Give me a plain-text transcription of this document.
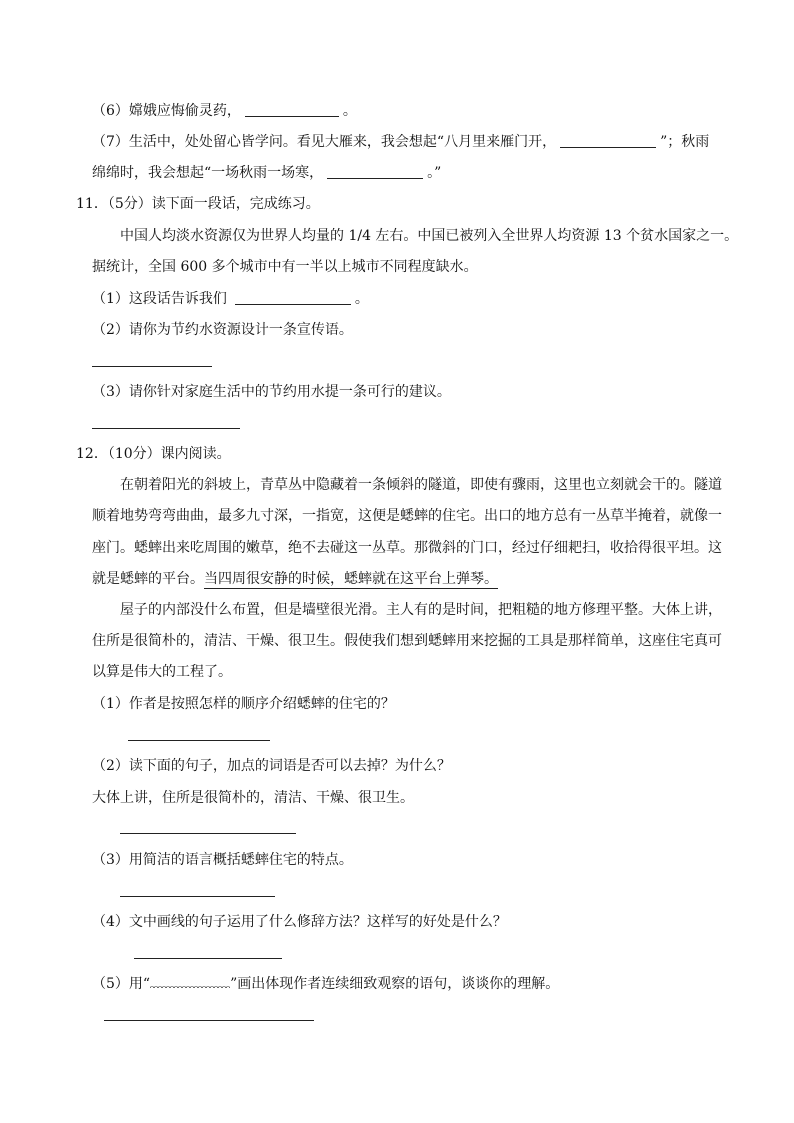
（6）嫦娥应悔偷灵药，	。
（7）生活中，处处留心皆学问。看见大雁来，我会想起“八月里来雁门开，	”；秋雨
绵绵时，我会想起“一场秋雨一场寒，	。”
11．（5分）读下面一段话，完成练习。
中国人均淡水资源仅为世界人均量的 1/4 左右。中国已被列入全世界人均资源 13 个贫水国家之一。
据统计，全国 600 多个城市中有一半以上城市不同程度缺水。
（1）这段话告诉我们	。
（2）请你为节约水资源设计一条宣传语。
（3）请你针对家庭生活中的节约用水提一条可行的建议。
12．（10分）课内阅读。
在朝着阳光的斜坡上，青草丛中隐藏着一条倾斜的隧道，即使有骤雨，这里也立刻就会干的。隧道
顺着地势弯弯曲曲，最多九寸深，一指宽，这便是蟋蟀的住宅。出口的地方总有一丛草半掩着，就像一
座门。蟋蟀出来吃周围的嫩草，绝不去碰这一丛草。那微斜的门口，经过仔细耙扫，收拾得很平坦。这
就是蟋蟀的平台。当四周很安静的时候，蟋蟀就在这平台上弹琴。
屋子的内部没什么布置，但是墙壁很光滑。主人有的是时间，把粗糙的地方修理平整。大体上讲，
住所是很简朴的，清洁、干燥、很卫生。假使我们想到蟋蟀用来挖掘的工具是那样简单，这座住宅真可
以算是伟大的工程了。
（1）作者是按照怎样的顺序介绍蟋蟀的住宅的？
（2）读下面的句子，加点的词语是否可以去掉？为什么？
大体上讲，住所是很简朴的，清洁、干燥、很卫生。
（3）用简洁的语言概括蟋蟀住宅的特点。
（4）文中画线的句子运用了什么修辞方法？这样写的好处是什么？
（5）用“	”画出体现作者连续细致观察的语句，谈谈你的理解。
